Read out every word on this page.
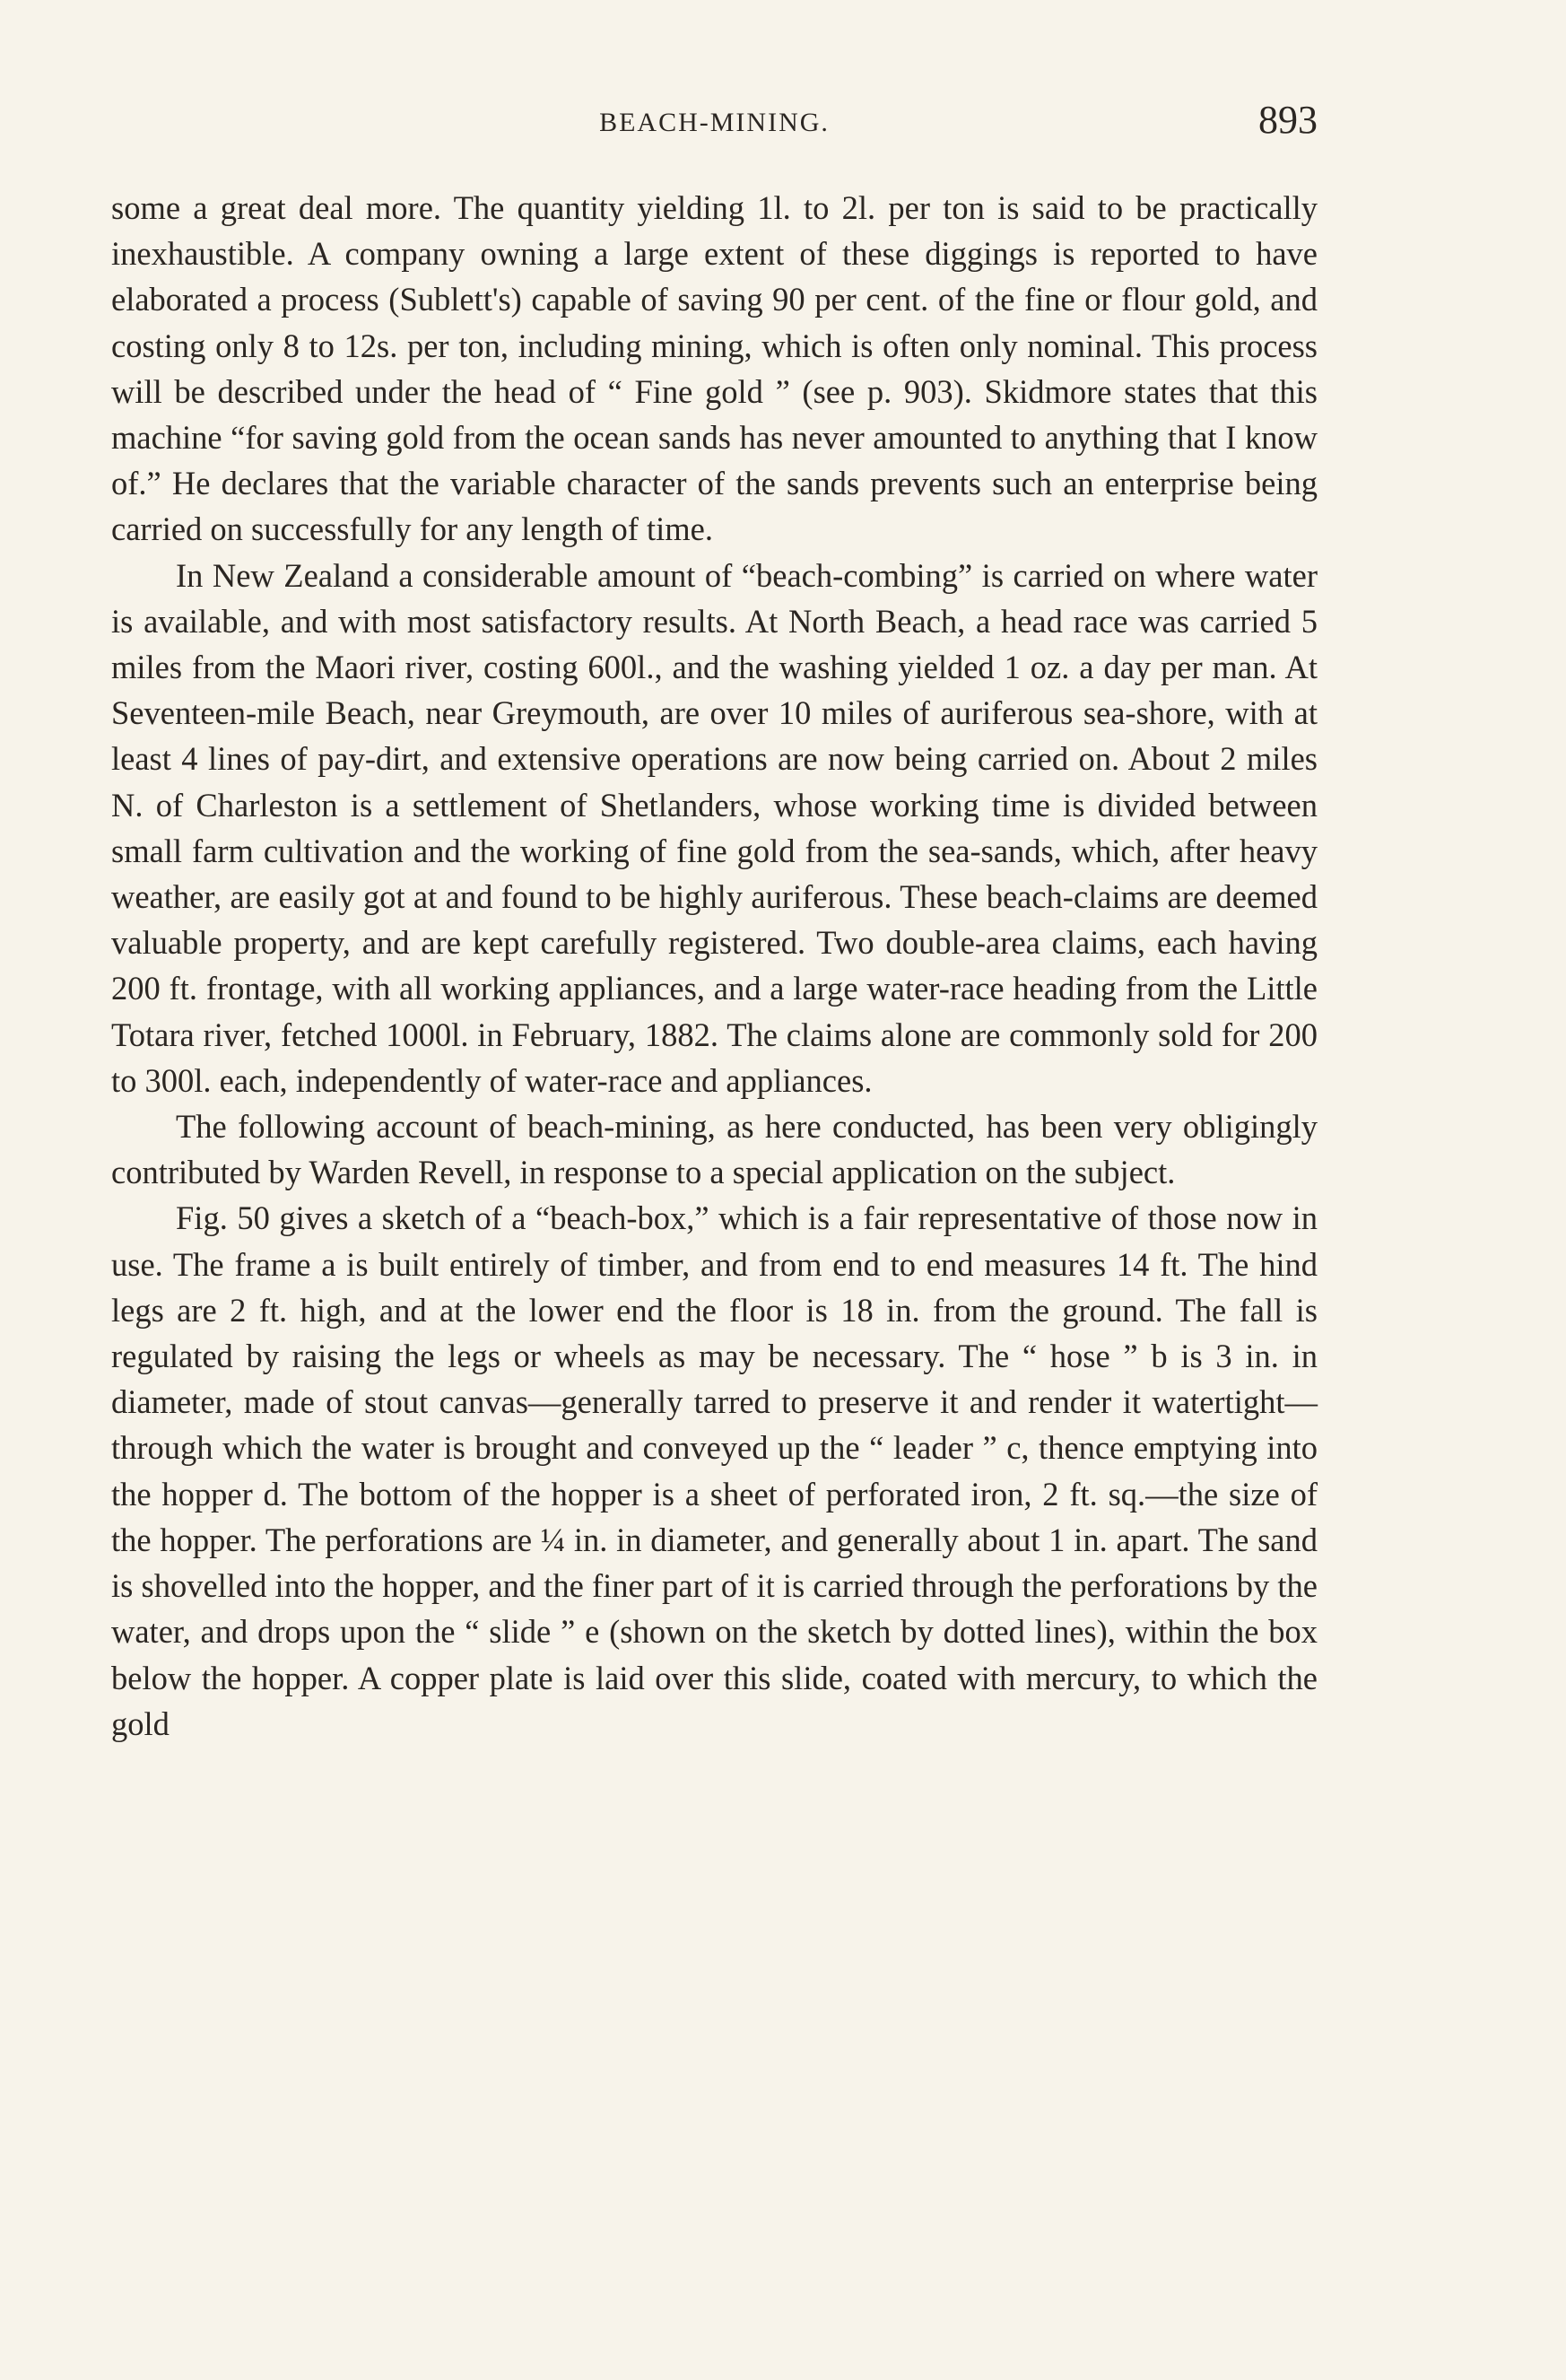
BEACH-MINING.	893

some a great deal more. The quantity yielding 1l. to 2l. per ton is said to be practically inexhaustible. A company owning a large extent of these diggings is reported to have elaborated a process (Sublett's) capable of saving 90 per cent. of the fine or flour gold, and costing only 8 to 12s. per ton, including mining, which is often only nominal. This process will be described under the head of “ Fine gold ” (see p. 903). Skidmore states that this machine “for saving gold from the ocean sands has never amounted to anything that I know of.” He declares that the variable character of the sands prevents such an enterprise being carried on successfully for any length of time.

In New Zealand a considerable amount of “beach-combing” is carried on where water is available, and with most satisfactory results. At North Beach, a head race was carried 5 miles from the Maori river, costing 600l., and the washing yielded 1 oz. a day per man. At Seventeen-mile Beach, near Greymouth, are over 10 miles of auriferous sea-shore, with at least 4 lines of pay-dirt, and extensive operations are now being carried on. About 2 miles N. of Charleston is a settlement of Shetlanders, whose working time is divided between small farm cultivation and the working of fine gold from the sea-sands, which, after heavy weather, are easily got at and found to be highly auriferous. These beach-claims are deemed valuable property, and are kept carefully registered. Two double-area claims, each having 200 ft. frontage, with all working appliances, and a large water-race heading from the Little Totara river, fetched 1000l. in February, 1882. The claims alone are commonly sold for 200 to 300l. each, independently of water-race and appliances.

The following account of beach-mining, as here conducted, has been very obligingly contributed by Warden Revell, in response to a special application on the subject.

Fig. 50 gives a sketch of a “beach-box,” which is a fair representative of those now in use. The frame a is built entirely of timber, and from end to end measures 14 ft. The hind legs are 2 ft. high, and at the lower end the floor is 18 in. from the ground. The fall is regulated by raising the legs or wheels as may be necessary. The “ hose ” b is 3 in. in diameter, made of stout canvas—generally tarred to preserve it and render it watertight—through which the water is brought and conveyed up the “ leader ” c, thence emptying into the hopper d. The bottom of the hopper is a sheet of perforated iron, 2 ft. sq.—the size of the hopper. The perforations are ¼ in. in diameter, and generally about 1 in. apart. The sand is shovelled into the hopper, and the finer part of it is carried through the perforations by the water, and drops upon the “ slide ” e (shown on the sketch by dotted lines), within the box below the hopper. A copper plate is laid over this slide, coated with mercury, to which the gold
